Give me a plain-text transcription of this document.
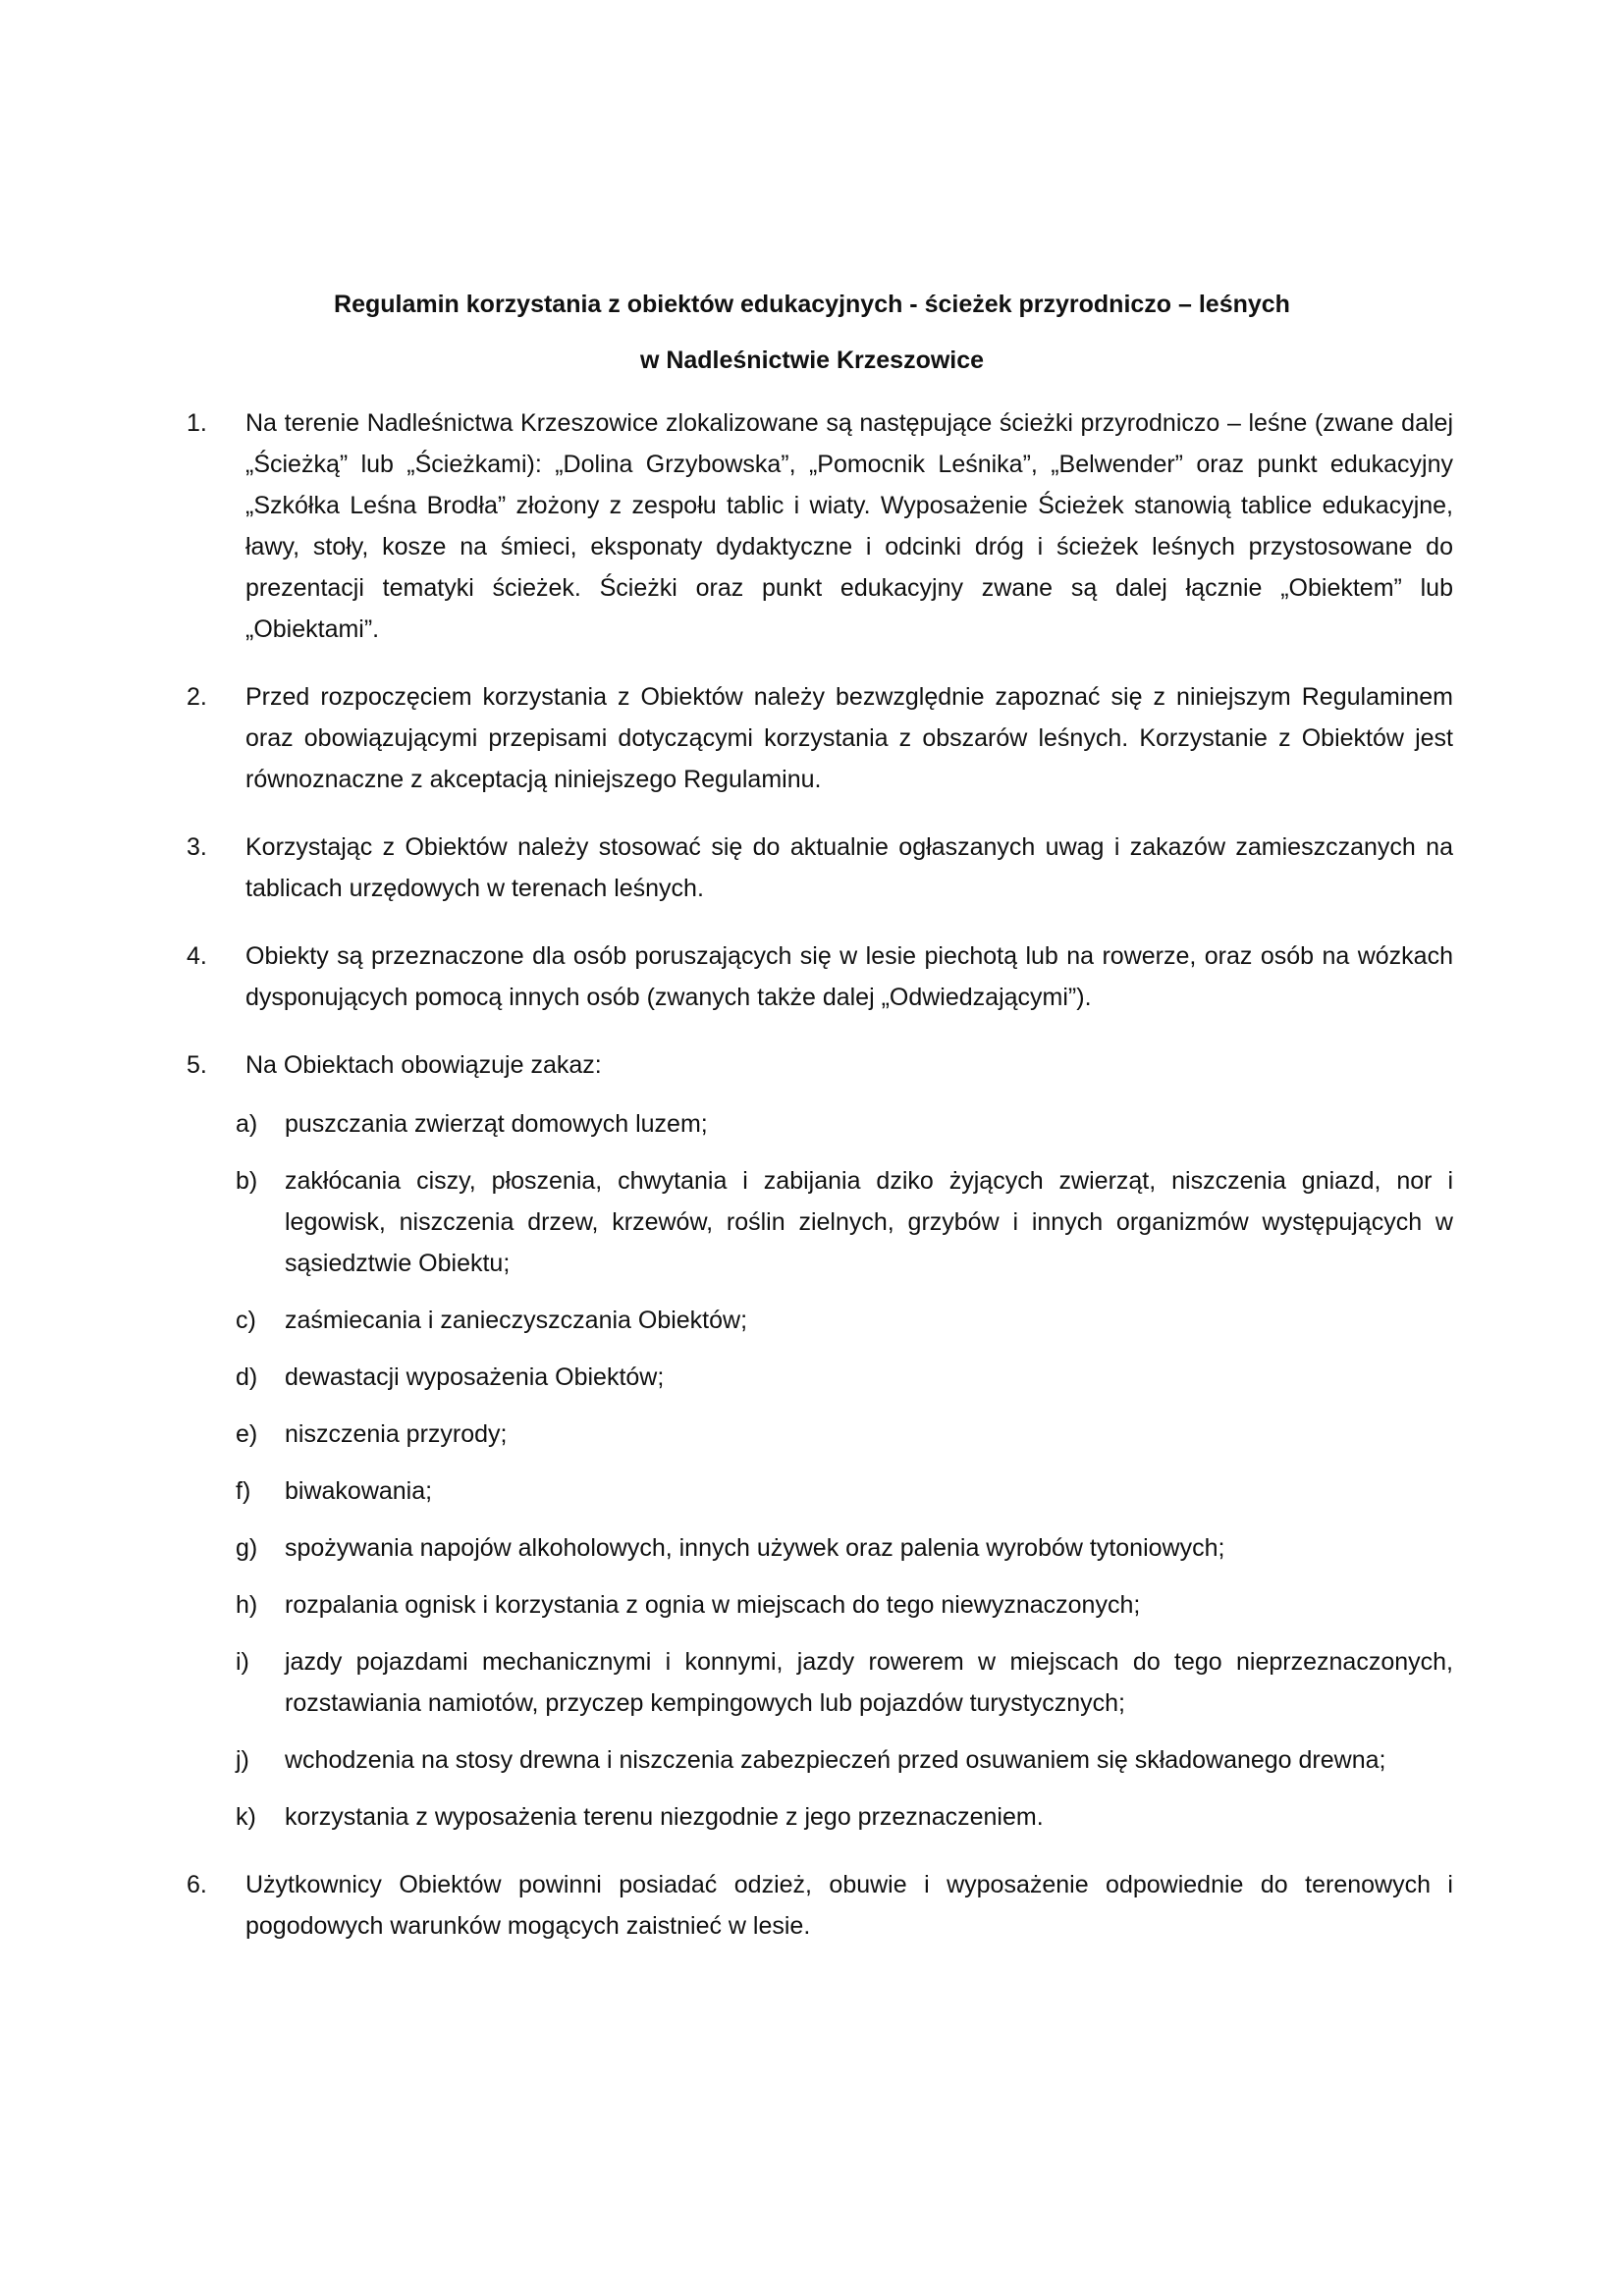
Regulamin korzystania z obiektów edukacyjnych - ścieżek przyrodniczo – leśnych
w Nadleśnictwie Krzeszowice
1. Na terenie Nadleśnictwa Krzeszowice zlokalizowane są następujące ścieżki przyrodniczo – leśne (zwane dalej „Ścieżką” lub „Ścieżkami): „Dolina Grzybowska”, „Pomocnik Leśnika”, „Belwender” oraz punkt edukacyjny „Szkółka Leśna Brodła” złożony z zespołu tablic i wiaty. Wyposażenie Ścieżek stanowią tablice edukacyjne, ławy, stoły, kosze na śmieci, eksponaty dydaktyczne i odcinki dróg i ścieżek leśnych przystosowane do prezentacji tematyki ścieżek. Ścieżki oraz punkt edukacyjny zwane są dalej łącznie „Obiektem” lub „Obiektami”.
2. Przed rozpoczęciem korzystania z Obiektów należy bezwzględnie zapoznać się z niniejszym Regulaminem oraz obowiązującymi przepisami dotyczącymi korzystania z obszarów leśnych. Korzystanie z Obiektów jest równoznaczne z akceptacją niniejszego Regulaminu.
3. Korzystając z Obiektów należy stosować się do aktualnie ogłaszanych uwag i zakazów zamieszczanych na tablicach urzędowych w terenach leśnych.
4. Obiekty są przeznaczone dla osób poruszających się w lesie piechotą lub na rowerze, oraz osób na wózkach dysponujących pomocą innych osób (zwanych także dalej „Odwiedzającymi”).
5. Na Obiektach obowiązuje zakaz:
a) puszczania zwierząt domowych luzem;
b) zakłócania ciszy, płoszenia, chwytania i zabijania dziko żyjących zwierząt, niszczenia gniazd, nor i legowisk, niszczenia drzew, krzewów, roślin zielnych, grzybów i innych organizmów występujących w sąsiedztwie Obiektu;
c) zaśmiecania i zanieczyszczania Obiektów;
d) dewastacji wyposażenia Obiektów;
e) niszczenia przyrody;
f) biwakowania;
g) spożywania napojów alkoholowych, innych używek oraz palenia wyrobów tytoniowych;
h) rozpalania ognisk i korzystania z ognia w miejscach do tego niewyznaczonych;
i) jazdy pojazdami mechanicznymi i konnymi, jazdy rowerem w miejscach do tego nieprzeznaczonych, rozstawiania namiotów, przyczep kempingowych lub pojazdów turystycznych;
j) wchodzenia na stosy drewna i niszczenia zabezpieczeń przed osuwaniem się składowanego drewna;
k) korzystania z wyposażenia terenu niezgodnie z jego przeznaczeniem.
6. Użytkownicy Obiektów powinni posiadać odzież, obuwie i wyposażenie odpowiednie do terenowych i pogodowych warunków mogących zaistnieć w lesie.
